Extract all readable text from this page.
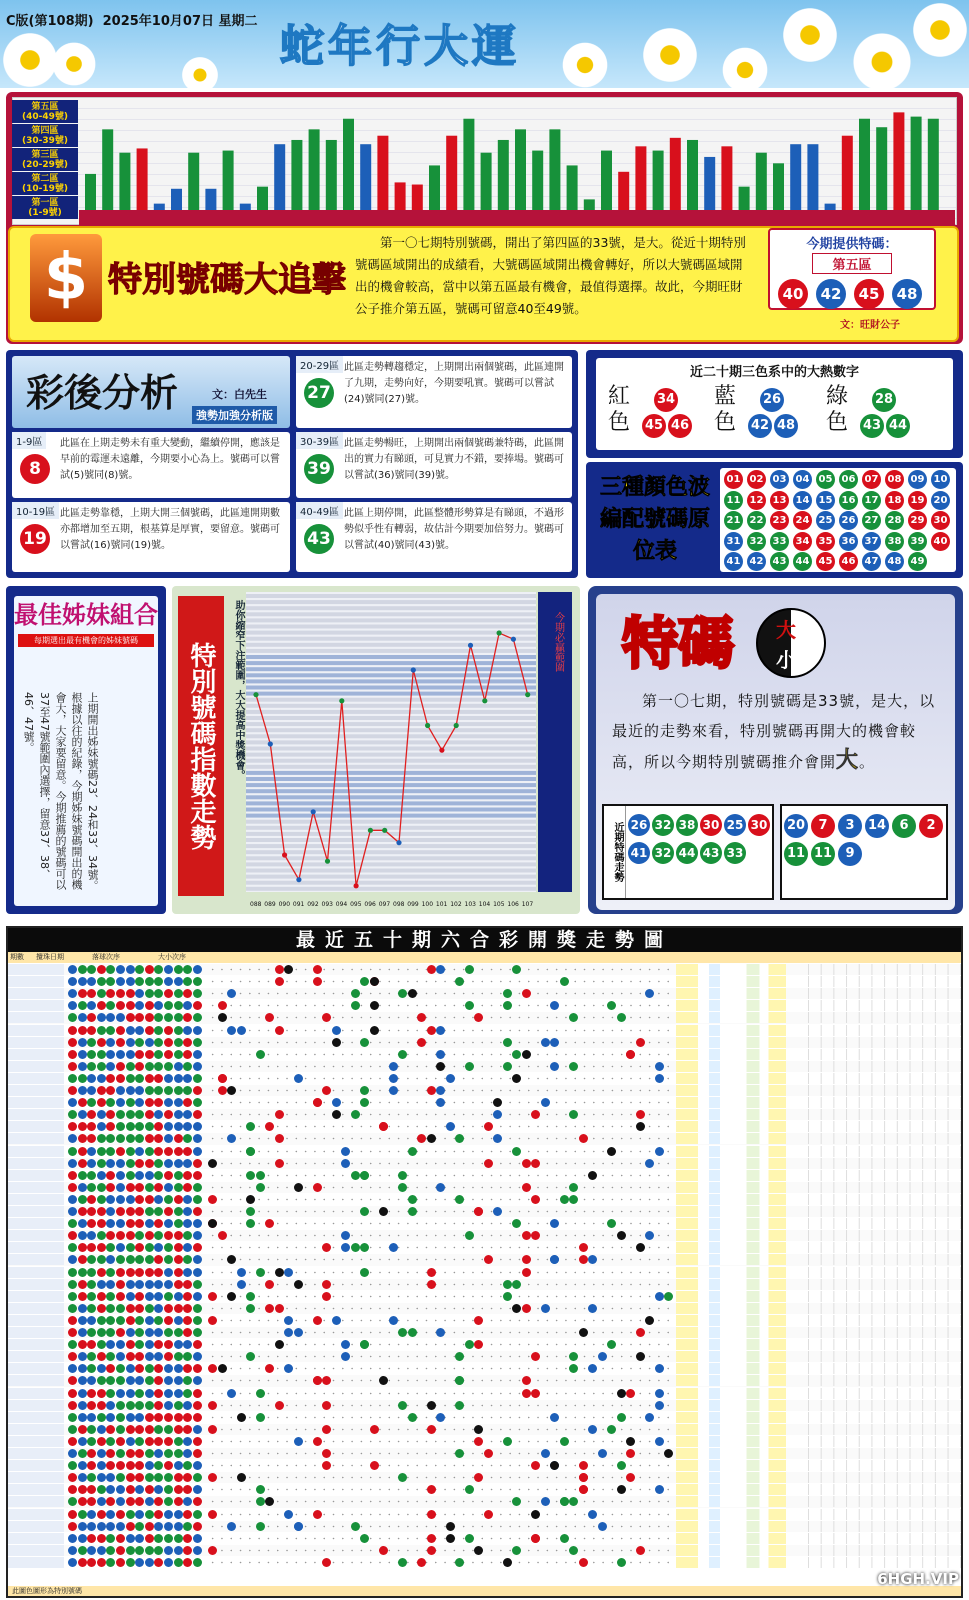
C版(第108期) 2025年10月07日 星期二 蛇年行大運
第五區
(40-49號)
第四區
(30-39號)
第三區
(20-29號)
第二區
(10-19號)
第一區
(1-9號)
$ 特別號碼大追擊
第一〇七期特別號碼，開出了第四區的33號，是大。從近十期特別號碼區域開出的成績看，大號碼區域開出機會轉好，所以大號碼區域開出的機會較高，當中以第五區最有機會，最值得選擇。故此，今期旺財公子推介第五區，號碼可留意40至49號。
今期提供特碼：
第五區
40	42	45	48
文：旺財公子
彩後分析	文：白先生
強勢加強分析版
1-9區
8
此區在上期走勢未有重大變動，繼續停開，應該是早前的霉運未遠離，今期要小心為上。號碼可以嘗試(5)號同(8)號。
10-19區
19
此區走勢靠穩，上期大開三個號碼，此區連開期數亦都增加至五期，根基算是厚實，要留意。號碼可以嘗試(16)號同(19)號。
20-29區
27
此區走勢轉趨穩定，上期開出兩個號碼，此區連開了九期，走勢向好，今期要吼實。號碼可以嘗試(24)號同(27)號。
30-39區
39
此區走勢暢旺，上期開出兩個號碼兼特碼，此區開出的實力有睇頭，可見實力不錯，要捧場。號碼可以嘗試(36)號同(39)號。
40-49區
43
此區上期停開，此區整體形勢算是有睇頭，不過形勢似乎性有轉弱，故估計今期要加倍努力。號碼可以嘗試(40)號同(43)號。
近二十期三色系中的大熱數字
紅色
34
45 46
藍色
26
42 48
綠色
28
43 44
三種顏色波編配號碼原位表
01 02 03 04 05 06 07 08 09 10
11 12 13 14 15 16 17 18 19 20
21 22 23 24 25 26 27 28 29 30
31 32 33 34 35 36 37 38 39 40
41 42 43 44 45 46 47 48 49
最佳姊妹組合
每期選出最有機會的姊妹號碼
上期開出姊妹號碼23、24和33、34號。根據以往的紀錄，今期姊妹號碼開出的機會大，大家要留意。今期推薦的號碼可以37至47號範圍內選擇，留意37、38、46、47號。	特別號碼指數走勢	助你縮窄下注範圍，大大提高中獎機會。	今期必贏範圍
088 089 090 091 092 093 094 095 096 097 098 099 100 101 102 103 104 105 106 107
特碼 大
小
第一〇七期，特別號碼是33號，是大，以最近的走勢來看，特別號碼再開大的機會較高，所以今期特別號碼推介會開大。
近期特碼走勢 26 32 38 30 25 30
41 32 44 43 33
20	7	3	14	6	2
11 11	9
最近五十期六合彩開獎走勢圖
期數 攪珠日期	落球次序	大小次序
此圖色圖形為特別號碼
6HGH.VIP
